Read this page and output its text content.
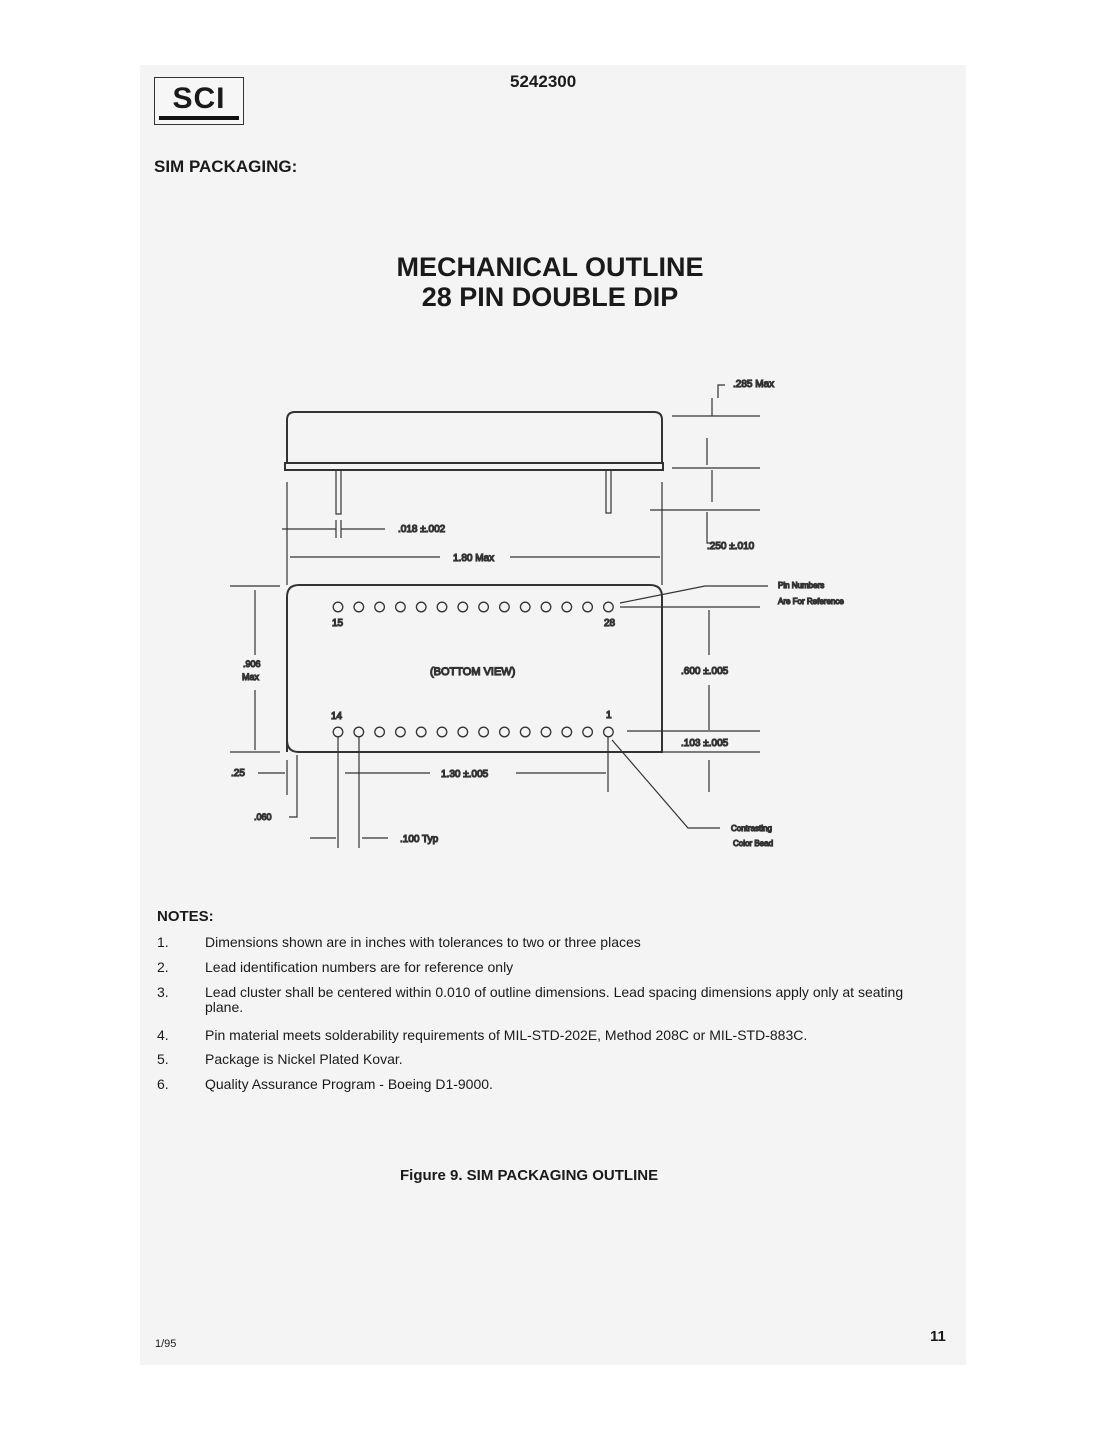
SCI
5242300
SIM PACKAGING:
MECHANICAL OUTLINE
28 PIN DOUBLE DIP
.285 Max
.250 ±.010
.018 ±.002
1.80 Max
15	28
14	1
(BOTTOM VIEW)
Pin Numbers
Are For Reference
.600 ±.005
.103 ±.005
.906
Max
.25
.060
1.30 ±.005
.100 Typ
Contrasting
Color Bead
NOTES:
1.	Dimensions shown are in inches with tolerances to two or three places
2.	Lead identification numbers are for reference only
3.	Lead cluster shall be centered within 0.010 of outline dimensions. Lead spacing dimensions apply only at seating plane.
4.	Pin material meets solderability requirements of MIL-STD-202E, Method 208C or MIL-STD-883C.
5.	Package is Nickel Plated Kovar.
6.	Quality Assurance Program - Boeing D1-9000.
Figure 9. SIM PACKAGING OUTLINE
1/95	11
